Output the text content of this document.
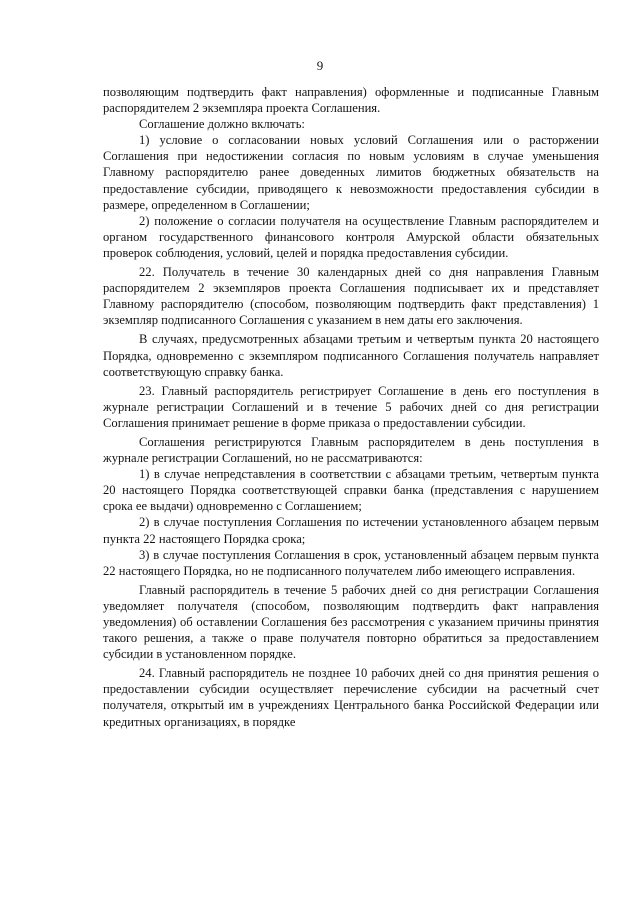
9

позволяющим подтвердить факт направления) оформленные и подписанные Главным распорядителем 2 экземпляра проекта Соглашения.

Соглашение должно включать:

1) условие о согласовании новых условий Соглашения или о расторжении Соглашения при недостижении согласия по новым условиям в случае уменьшения Главному распорядителю ранее доведенных лимитов бюджетных обязательств на предоставление субсидии, приводящего к невозможности предоставления субсидии в размере, определенном в Соглашении;

2) положение о согласии получателя на осуществление Главным распорядителем и органом государственного финансового контроля Амурской области обязательных проверок соблюдения, условий, целей и порядка предоставления субсидии.

22. Получатель в течение 30 календарных дней со дня направления Главным распорядителем 2 экземпляров проекта Соглашения подписывает их и представляет Главному распорядителю (способом, позволяющим подтвердить факт представления) 1 экземпляр подписанного Соглашения с указанием в нем даты его заключения.

В случаях, предусмотренных абзацами третьим и четвертым пункта 20 настоящего Порядка, одновременно с экземпляром подписанного Соглашения получатель направляет соответствующую справку банка.

23. Главный распорядитель регистрирует Соглашение в день его поступления в журнале регистрации Соглашений и в течение 5 рабочих дней со дня регистрации Соглашения принимает решение в форме приказа о предоставлении субсидии.

Соглашения регистрируются Главным распорядителем в день поступления в журнале регистрации Соглашений, но не рассматриваются:

1) в случае непредставления в соответствии с абзацами третьим, четвертым пункта 20 настоящего Порядка соответствующей справки банка (представления с нарушением срока ее выдачи) одновременно с Соглашением;

2) в случае поступления Соглашения по истечении установленного абзацем первым пункта 22 настоящего Порядка срока;

3) в случае поступления Соглашения в срок, установленный абзацем первым пункта 22 настоящего Порядка, но не подписанного получателем либо имеющего исправления.

Главный распорядитель в течение 5 рабочих дней со дня регистрации Соглашения уведомляет получателя (способом, позволяющим подтвердить факт направления уведомления) об оставлении Соглашения без рассмотрения с указанием причины принятия такого решения, а также о праве получателя повторно обратиться за предоставлением субсидии в установленном порядке.

24. Главный распорядитель не позднее 10 рабочих дней со дня принятия решения о предоставлении субсидии осуществляет перечисление субсидии на расчетный счет получателя, открытый им в учреждениях Центрального банка Российской Федерации или кредитных организациях, в порядке
